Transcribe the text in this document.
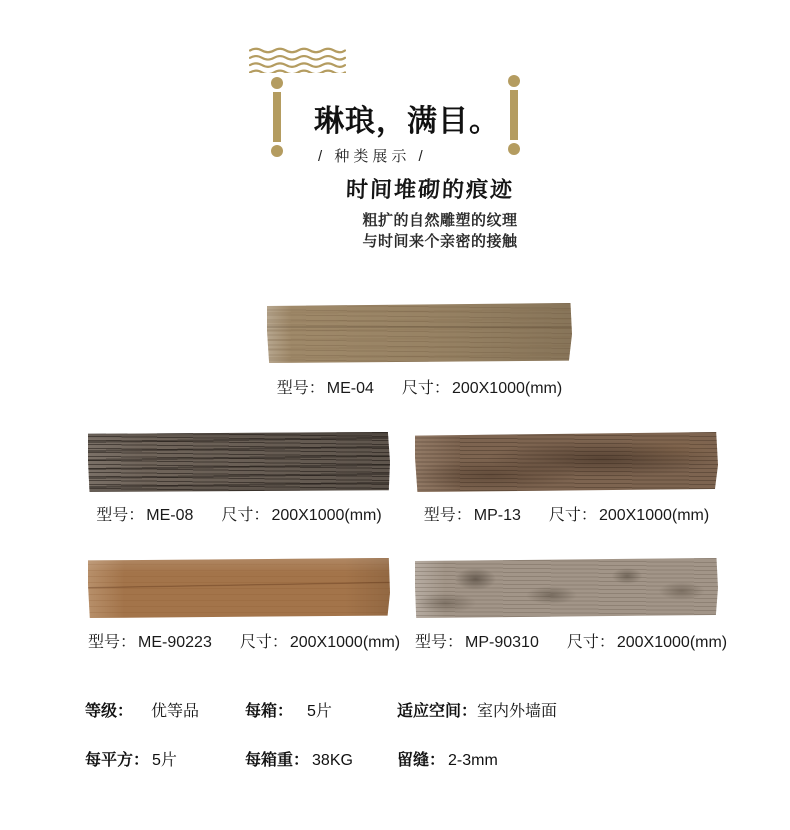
琳琅，满目。
/ 种类展示 /
时间堆砌的痕迹

粗扩的自然雕塑的纹理

与时间来个亲密的接触

型号： ME-04 尺寸： 200X1000(mm)
型号： ME-08 尺寸： 200X1000(mm)	型号： MP-13 尺寸： 200X1000(mm)
型号： ME-90223 尺寸： 200X1000(mm) 型号： MP-90310 尺寸： 200X1000(mm)
等级： 优等品	每箱： 5片	适应空间：室内外墙面
每平方： 5片	每箱重： 38KG	留缝： 2-3mm
